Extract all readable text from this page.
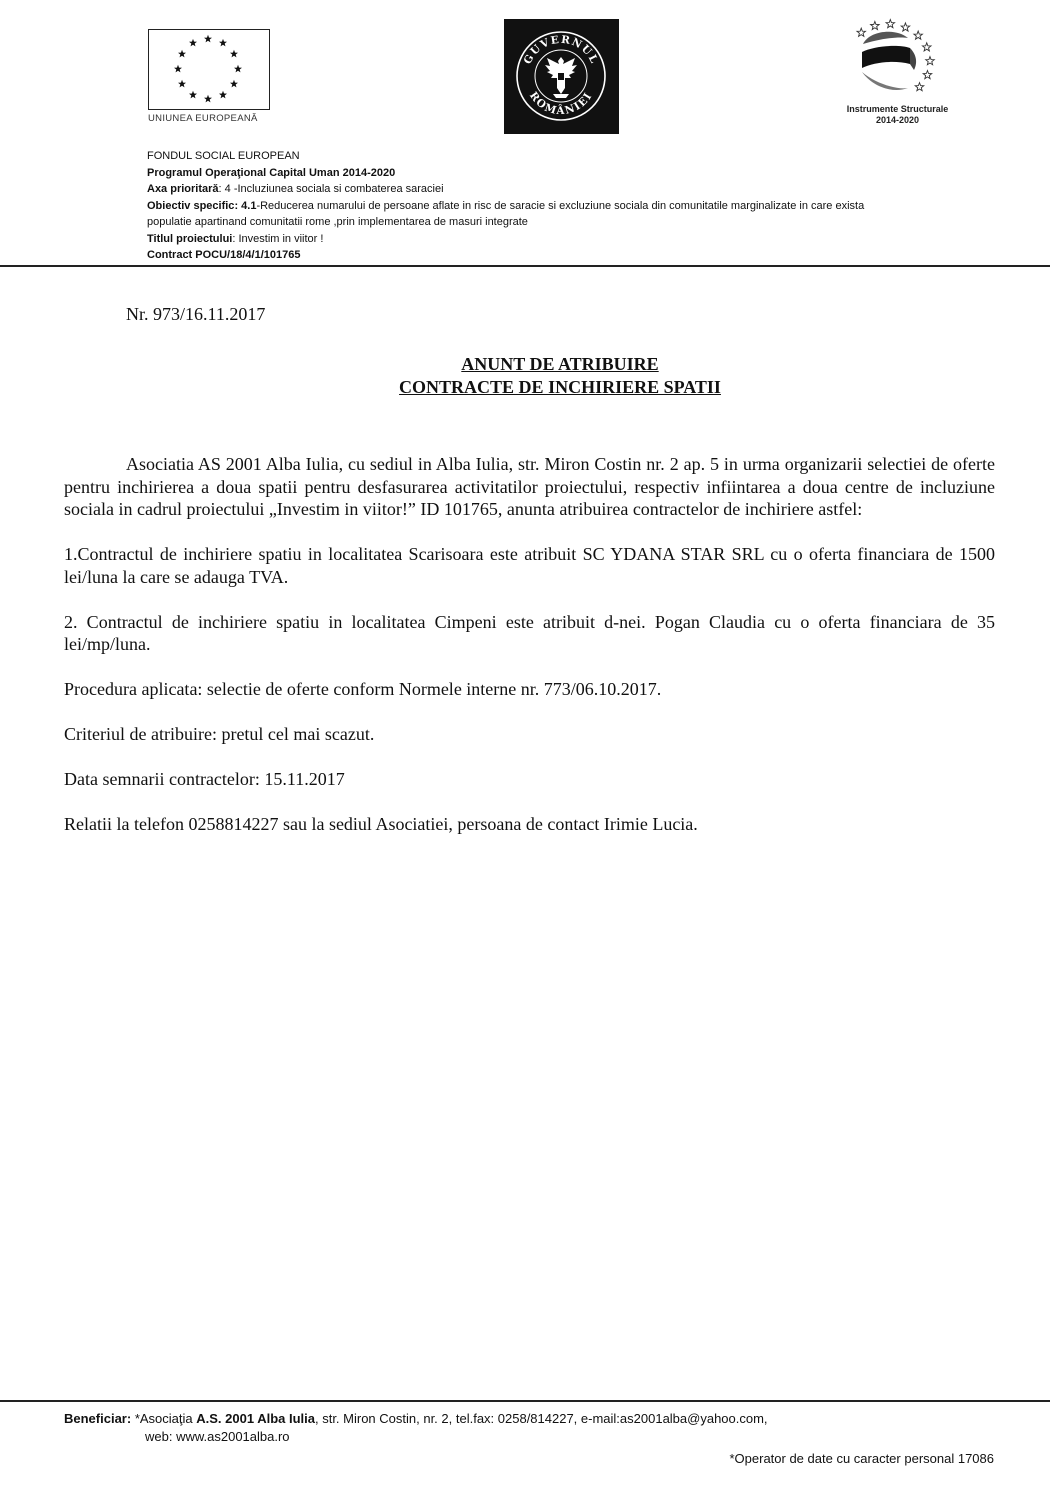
UNIUNEA EUROPEANĂ
GUVERNUL
ROMÂNIEI
Instrumente Structurale
2014-2020
FONDUL SOCIAL EUROPEAN
Programul Operaţional Capital Uman 2014-2020
Axa prioritară: 4 -Incluziunea sociala si combaterea saraciei
Obiectiv specific: 4.1-Reducerea numarului de persoane aflate in risc de saracie si excluziune sociala din comunitatile marginalizate in care exista
populatie apartinand comunitatii rome ,prin implementarea de masuri integrate
Titlul proiectului: Investim in viitor !
Contract POCU/18/4/1/101765
Nr. 973/16.11.2017
ANUNT DE ATRIBUIRE
CONTRACTE DE INCHIRIERE SPATII

Asociatia AS 2001 Alba Iulia, cu sediul in Alba Iulia, str. Miron Costin nr. 2 ap. 5 in urma organizarii selectiei de oferte pentru inchirierea a doua spatii pentru desfasurarea activitatilor proiectului, respectiv infiintarea a doua centre de incluziune sociala in cadrul proiectului „Investim in viitor!” ID 101765, anunta atribuirea contractelor de inchiriere astfel:

1.Contractul de inchiriere spatiu in localitatea Scarisoara este atribuit SC YDANA STAR SRL cu o oferta financiara de 1500 lei/luna la care se adauga TVA.

2. Contractul de inchiriere spatiu in localitatea Cimpeni este atribuit d-nei. Pogan Claudia cu o oferta financiara de 35 lei/mp/luna.

Procedura aplicata: selectie de oferte conform Normele interne nr. 773/06.10.2017.

Criteriul de atribuire: pretul cel mai scazut.

Data semnarii contractelor: 15.11.2017

Relatii la telefon 0258814227 sau la sediul Asociatiei, persoana de contact Irimie Lucia.

Beneficiar: *Asociaţia A.S. 2001 Alba Iulia, str. Miron Costin, nr. 2, tel.fax: 0258/814227, e-mail:as2001alba@yahoo.com,
web: www.as2001alba.ro
*Operator de date cu caracter personal 17086
